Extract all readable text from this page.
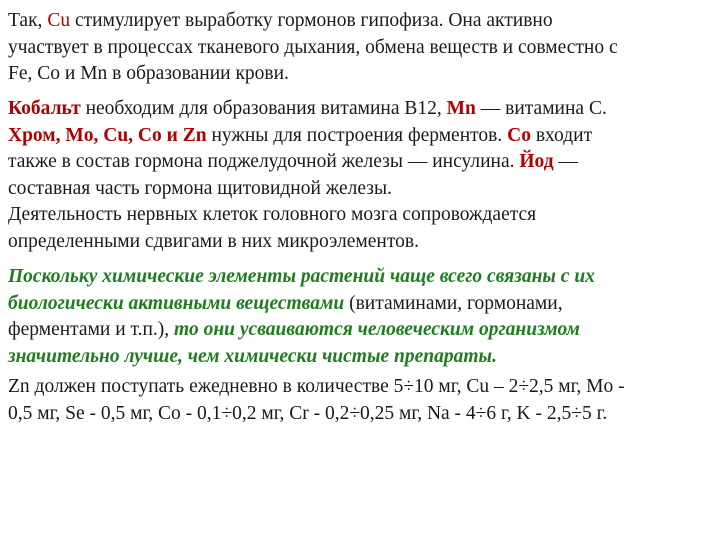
Так, Cu стимулирует выработку гормонов гипофиза. Она активно
участвует в процессах тканевого дыхания, обмена веществ и совместно с
Fe, Co и Mn в образовании крови.

Кобальт необходим для образования витамина B12, Mn — витамина С.
Хром, Mo, Cu, Co и Zn нужны для построения ферментов. Co входит
также в состав гормона поджелудочной железы — инсулина. Йод —
составная часть гормона щитовидной железы.
Деятельность нервных клеток головного мозга сопровождается
определенными сдвигами в них микроэлементов.

Поскольку химические элементы растений чаще всего связаны с их
биологически активными веществами (витаминами, гормонами,
ферментами и т.п.), то они усваиваются человеческим организмом
значительно лучше, чем химически чистые препараты.

Zn должен поступать ежедневно в количестве 5÷10 мг, Cu – 2÷2,5 мг, Mo -
0,5 мг, Se - 0,5 мг, Co - 0,1÷0,2 мг, Cr - 0,2÷0,25 мг, Na - 4÷6 г, K - 2,5÷5 г.
